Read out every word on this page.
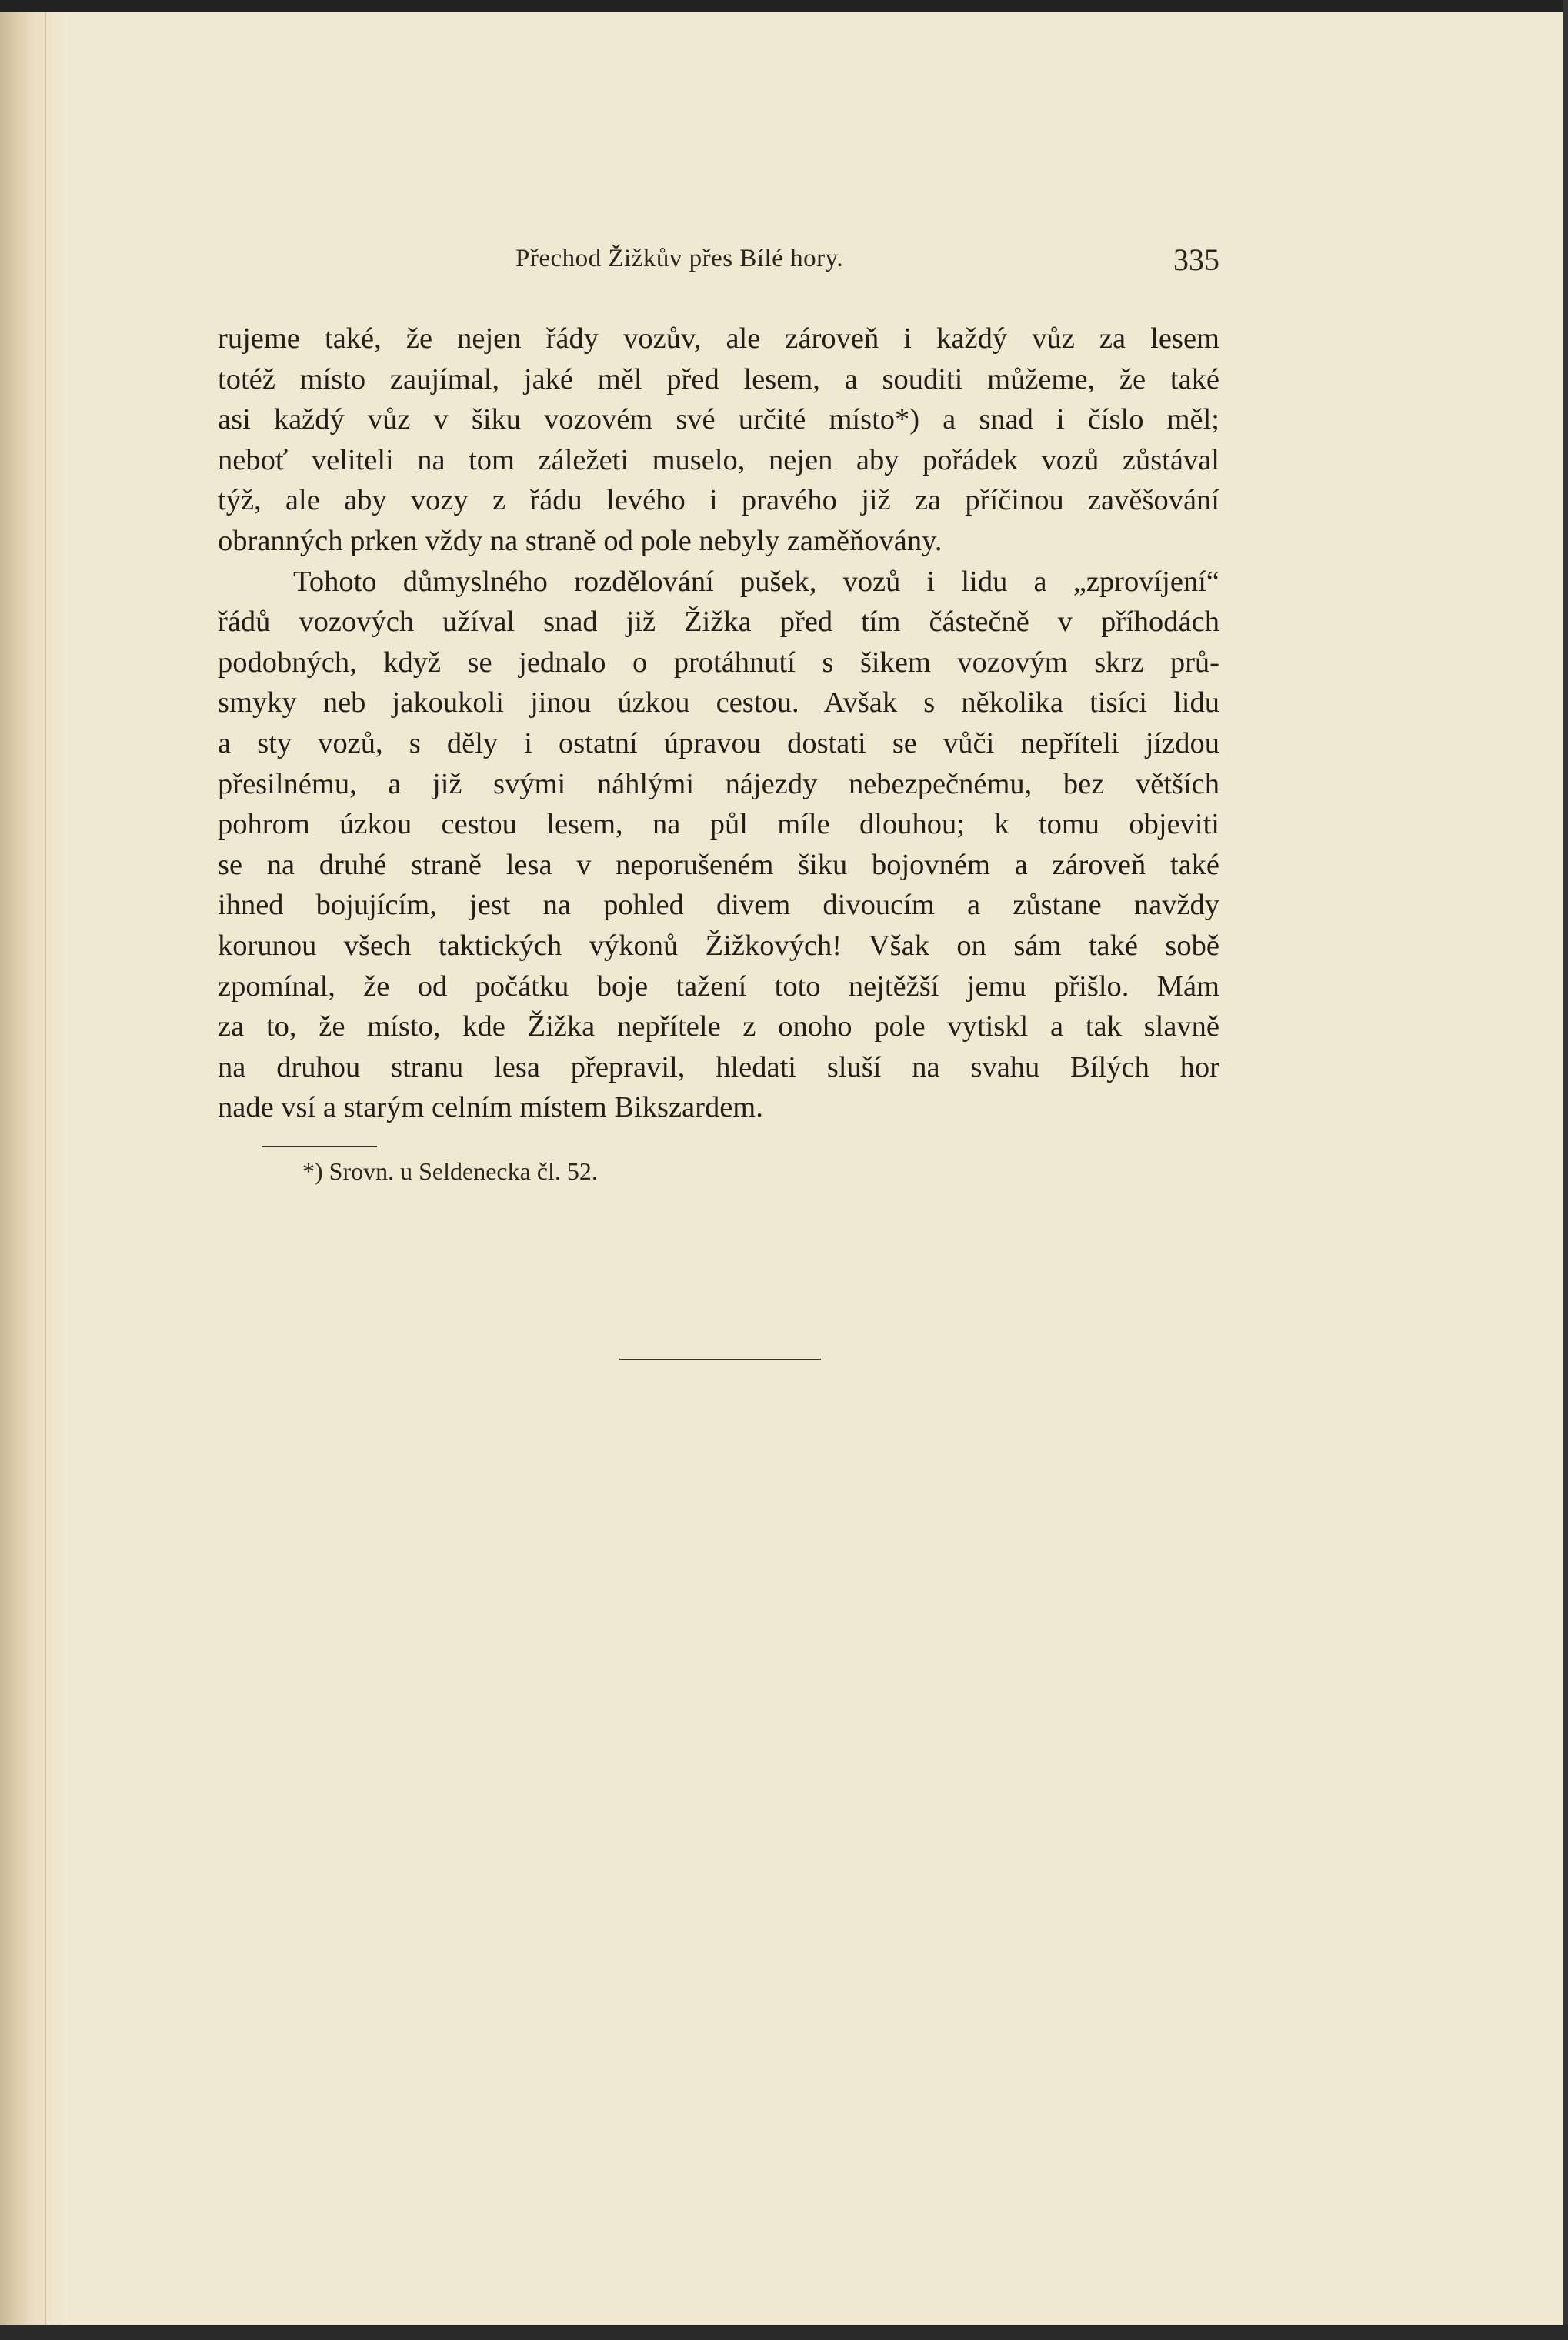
Přechod Žižkův přes Bílé hory.	335

rujeme také, že nejen řády vozův, ale zároveň i každý vůz za lesem

totéž místo zaujímal, jaké měl před lesem, a souditi můžeme, že také

asi každý vůz v šiku vozovém své určité místo*) a snad i číslo měl;

neboť veliteli na tom záležeti muselo, nejen aby pořádek vozů zůstával

týž, ale aby vozy z řádu levého i pravého již za příčinou zavěšování

obranných prken vždy na straně od pole nebyly zaměňovány.

Tohoto důmyslného rozdělování pušek, vozů i lidu a „zprovíjení“

řádů vozových užíval snad již Žižka před tím částečně v příhodách

podobných, když se jednalo o protáhnutí s šikem vozovým skrz prů-

smyky neb jakoukoli jinou úzkou cestou. Avšak s několika tisíci lidu

a sty vozů, s děly i ostatní úpravou dostati se vůči nepříteli jízdou

přesilnému, a již svými náhlými nájezdy nebezpečnému, bez větších

pohrom úzkou cestou lesem, na půl míle dlouhou; k tomu objeviti

se na druhé straně lesa v neporušeném šiku bojovném a zároveň také

ihned bojujícím, jest na pohled divem divoucím a zůstane navždy

korunou všech taktických výkonů Žižkových! Však on sám také sobě

zpomínal, že od počátku boje tažení toto nejtěžší jemu přišlo. Mám

za to, že místo, kde Žižka nepřítele z onoho pole vytiskl a tak slavně

na druhou stranu lesa přepravil, hledati sluší na svahu Bílých hor

nade vsí a starým celním místem Bikszardem.

*) Srovn. u Seldenecka čl. 52.
